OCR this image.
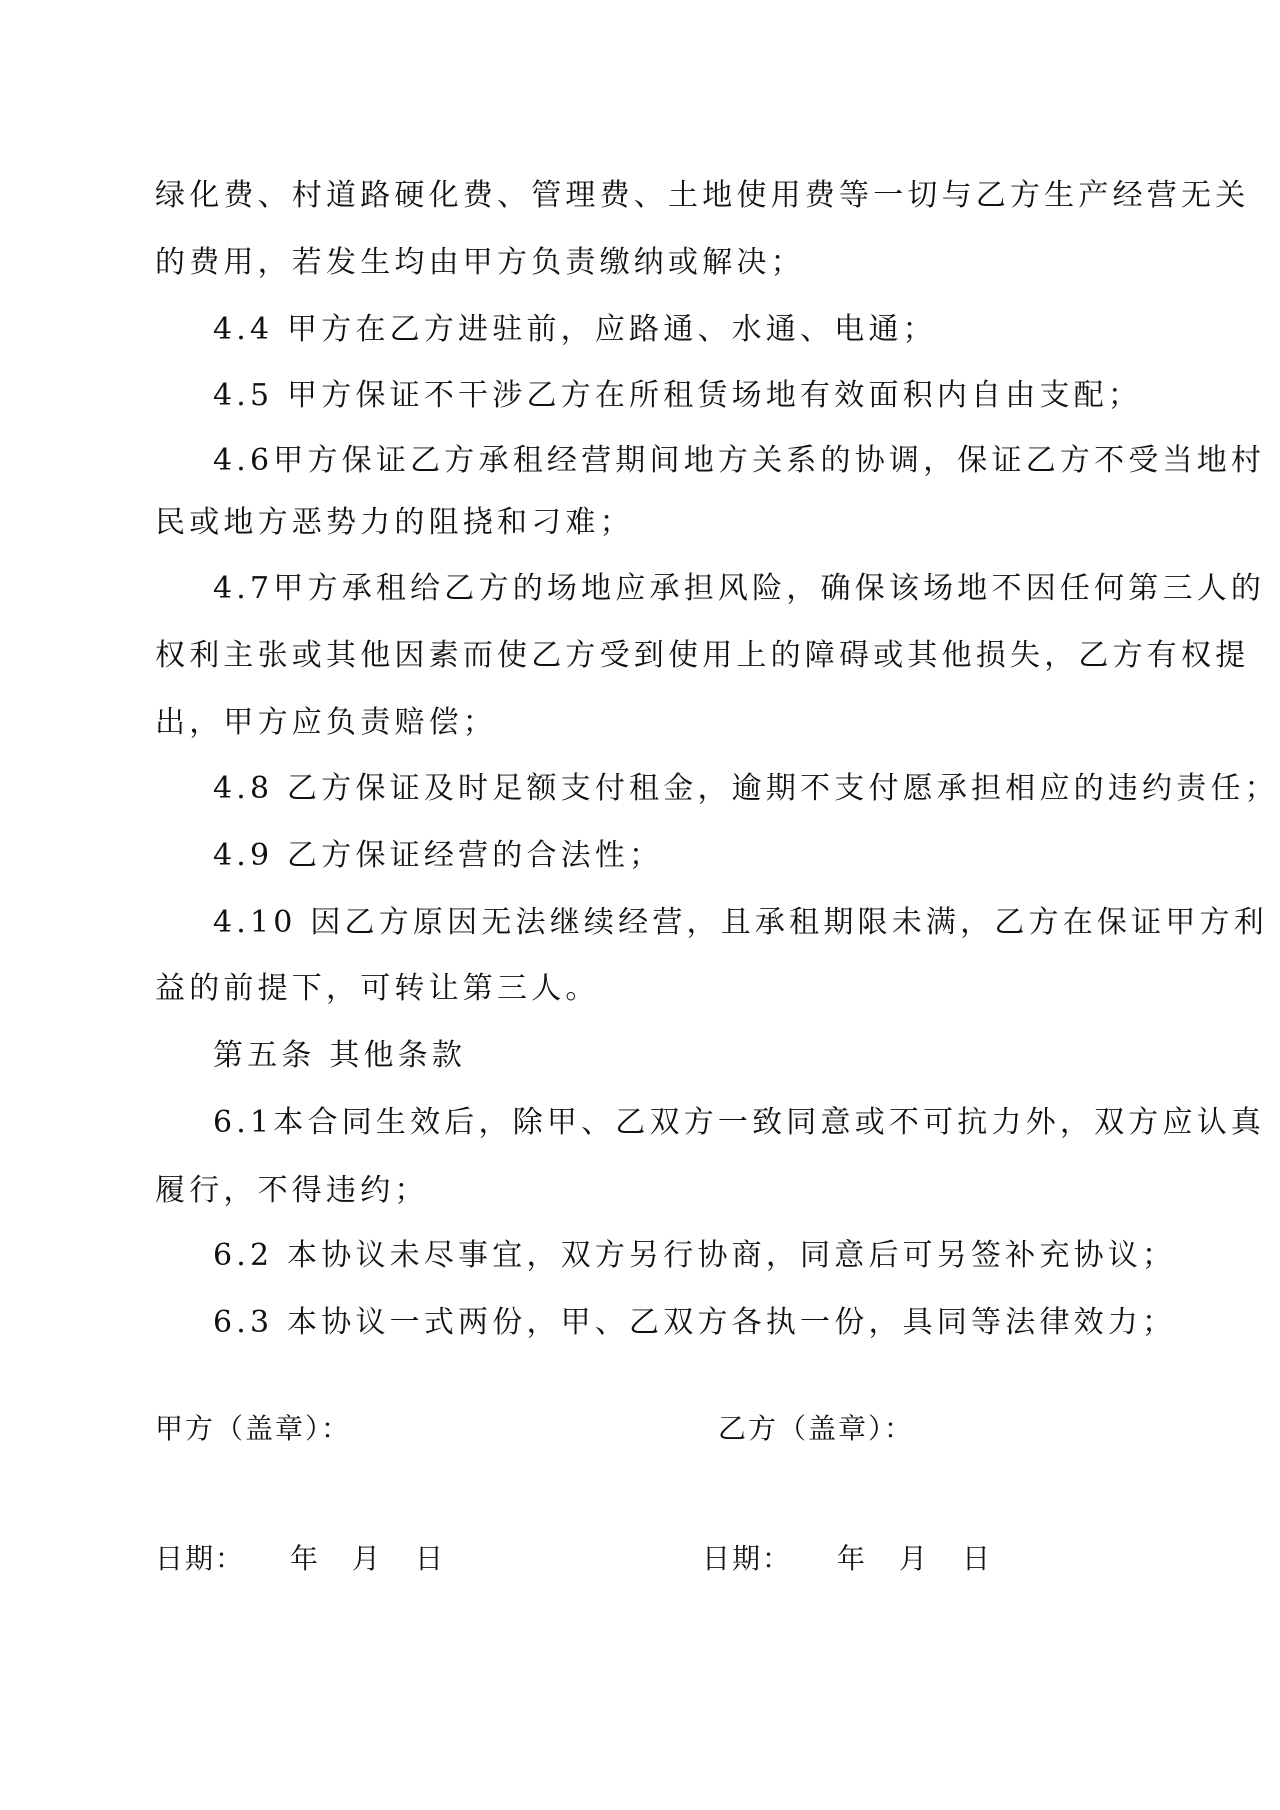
绿化费、村道路硬化费、管理费、土地使用费等一切与乙方生产经营无关
的费用，若发生均由甲方负责缴纳或解决；
4.4 甲方在乙方进驻前，应路通、水通、电通；
4.5 甲方保证不干涉乙方在所租赁场地有效面积内自由支配；
4.6甲方保证乙方承租经营期间地方关系的协调，保证乙方不受当地村
民或地方恶势力的阻挠和刁难；
4.7甲方承租给乙方的场地应承担风险，确保该场地不因任何第三人的
权利主张或其他因素而使乙方受到使用上的障碍或其他损失，乙方有权提
出，甲方应负责赔偿；
4.8 乙方保证及时足额支付租金，逾期不支付愿承担相应的违约责任；
4.9 乙方保证经营的合法性；
4.10 因乙方原因无法继续经营，且承租期限未满，乙方在保证甲方利
益的前提下，可转让第三人。
第五条 其他条款
6.1本合同生效后，除甲、乙双方一致同意或不可抗力外，双方应认真
履行，不得违约；
6.2 本协议未尽事宜，双方另行协商，同意后可另签补充协议；
6.3 本协议一式两份，甲、乙双方各执一份，具同等法律效力；
甲方（盖章）：	乙方（盖章）：
日期： 年 月 日	日期： 年 月 日
